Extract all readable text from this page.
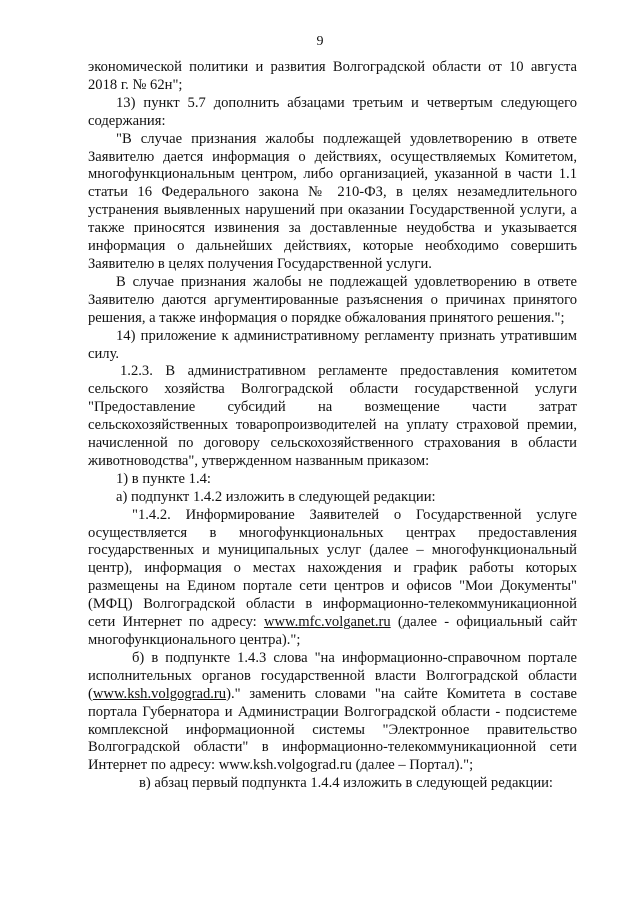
9

экономической политики и развития Волгоградской области от 10 августа 2018 г. № 62н";

13) пункт 5.7 дополнить абзацами третьим и четвертым следующего содержания:

"В случае признания жалобы подлежащей удовлетворению в ответе Заявителю дается информация о действиях, осуществляемых Комитетом, многофункциональным центром, либо организацией, указанной в части 1.1 статьи 16 Федерального закона № 210-ФЗ, в целях незамедлительного устранения выявленных нарушений при оказании Государственной услуги, а также приносятся извинения за доставленные неудобства и указывается информация о дальнейших действиях, которые необходимо совершить Заявителю в целях получения Государственной услуги.

В случае признания жалобы не подлежащей удовлетворению в ответе Заявителю даются аргументированные разъяснения о причинах принятого решения, а также информация о порядке обжалования принятого решения.";

14) приложение к административному регламенту признать утратившим силу.

1.2.3. В административном регламенте предоставления комитетом сельского хозяйства Волгоградской области государственной услуги "Предоставление субсидий на возмещение части затрат сельскохозяйственных товаропроизводителей на уплату страховой премии, начисленной по договору сельскохозяйственного страхования в области животноводства", утвержденном названным приказом:

1) в пункте 1.4:

а) подпункт 1.4.2 изложить в следующей редакции:

"1.4.2. Информирование Заявителей о Государственной услуге осуществляется в многофункциональных центрах предоставления государственных и муниципальных услуг (далее – многофункциональный центр), информация о местах нахождения и график работы которых размещены на Едином портале сети центров и офисов "Мои Документы" (МФЦ) Волгоградской области в информационно-телекоммуникационной сети Интернет по адресу: www.mfc.volganet.ru (далее - официальный сайт многофункционального центра).";

б) в подпункте 1.4.3 слова "на информационно-справочном портале исполнительных органов государственной власти Волгоградской области (www.ksh.volgograd.ru)." заменить словами "на сайте Комитета в составе портала Губернатора и Администрации Волгоградской области - подсистеме комплексной информационной системы "Электронное правительство Волгоградской области" в информационно-телекоммуникационной сети Интернет по адресу: www.ksh.volgograd.ru (далее – Портал).";

в) абзац первый подпункта 1.4.4 изложить в следующей редакции:
